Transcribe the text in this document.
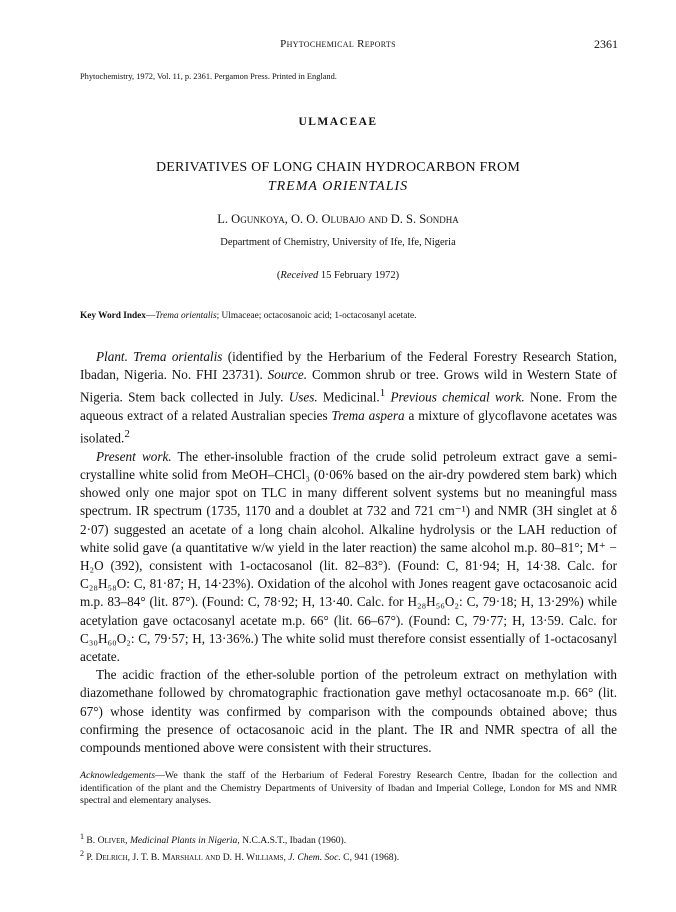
Phytochemical Reports	2361
Phytochemistry, 1972, Vol. 11, p. 2361. Pergamon Press. Printed in England.
ULMACEAE
DERIVATIVES OF LONG CHAIN HYDROCARBON FROM
TREMA ORIENTALIS
L. Ogunkoya, O. O. Olubajo and D. S. Sondha
Department of Chemistry, University of Ife, Ife, Nigeria
(Received 15 February 1972)
Key Word Index—Trema orientalis; Ulmaceae; octacosanoic acid; 1-octacosanyl acetate.

Plant. Trema orientalis (identified by the Herbarium of the Federal Forestry Research Station, Ibadan, Nigeria. No. FHI 23731). Source. Common shrub or tree. Grows wild in Western State of Nigeria. Stem back collected in July. Uses. Medicinal.$^1$ Previous chemical work. None. From the aqueous extract of a related Australian species Trema aspera a mixture of glycoflavone acetates was isolated.$^2$

Present work. The ether-insoluble fraction of the crude solid petroleum extract gave a semi-crystalline white solid from MeOH–CHCl₃ (0·06% based on the air-dry powdered stem bark) which showed only one major spot on TLC in many different solvent systems but no meaningful mass spectrum. IR spectrum (1735, 1170 and a doublet at 732 and 721 cm⁻¹) and NMR (3H singlet at δ 2·07) suggested an acetate of a long chain alcohol. Alkaline hydrolysis or the LAH reduction of white solid gave (a quantitative w/w yield in the later reaction) the same alcohol m.p. 80–81°; M⁺ − H₂O (392), consistent with 1-octacosanol (lit. 82–83°). (Found: C, 81·94; H, 14·38. Calc. for C₂₈H₅₈O: C, 81·87; H, 14·23%). Oxidation of the alcohol with Jones reagent gave octacosanoic acid m.p. 83–84° (lit. 87°). (Found: C, 78·92; H, 13·40. Calc. for H₂₈H₅₆O₂: C, 79·18; H, 13·29%) while acetylation gave octacosanyl acetate m.p. 66° (lit. 66–67°). (Found: C, 79·77; H, 13·59. Calc. for C₃₀H₆₀O₂: C, 79·57; H, 13·36%.) The white solid must therefore consist essentially of 1-octacosanyl acetate.

The acidic fraction of the ether-soluble portion of the petroleum extract on methylation with diazomethane followed by chromatographic fractionation gave methyl octacosanoate m.p. 66° (lit. 67°) whose identity was confirmed by comparison with the compounds obtained above; thus confirming the presence of octacosanoic acid in the plant. The IR and NMR spectra of all the compounds mentioned above were consistent with their structures.

Acknowledgements—We thank the staff of the Herbarium of Federal Forestry Research Centre, Ibadan for the collection and identification of the plant and the Chemistry Departments of University of Ibadan and Imperial College, London for MS and NMR spectral and elementary analyses.
$^1$ B. Oliver, Medicinal Plants in Nigeria, N.C.A.S.T., Ibadan (1960).
$^2$ P. Delrich, J. T. B. Marshall and D. H. Williams, J. Chem. Soc. C, 941 (1968).
